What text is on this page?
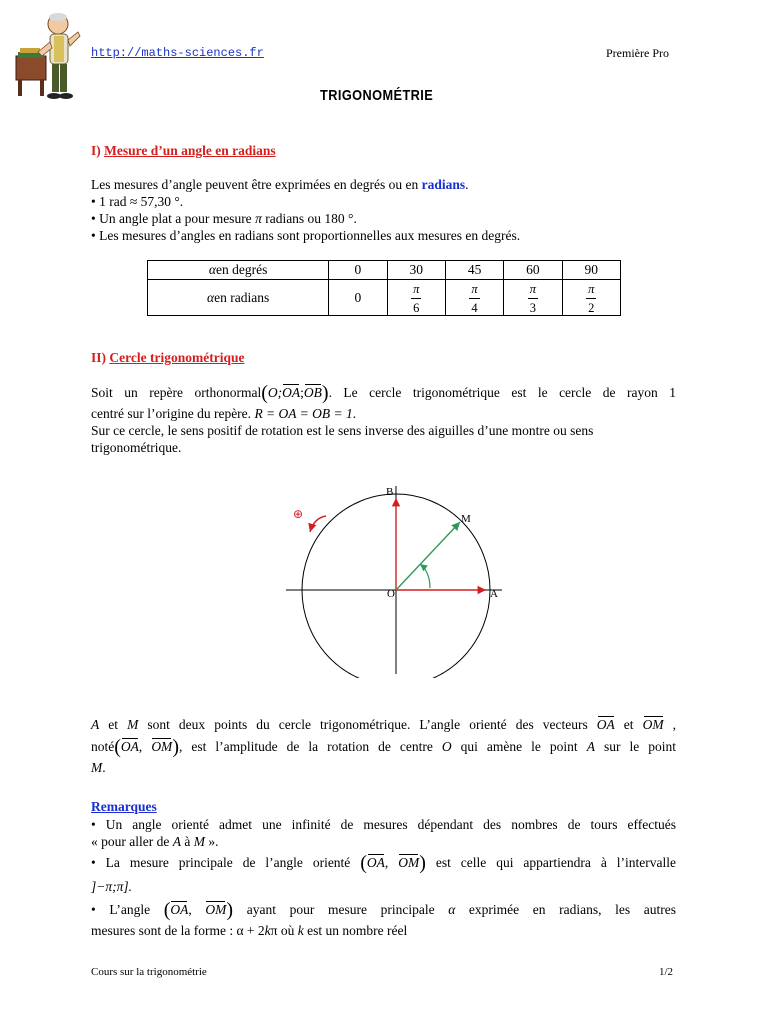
http://maths-sciences.fr	Première Pro
TRIGONOMÉTRIE
I) Mesure d’un angle en radians
Les mesures d’angle peuvent être exprimées en degrés ou en radians.
• 1 rad ≈ 57,30 °.
• Un angle plat a pour mesure π radians ou 180 °.
• Les mesures d’angles en radians sont proportionnelles aux mesures en degrés.
αen degrés	0	30	45	60	90
αen radians	0	$\frac{\pi}{6}$	$\frac{\pi}{4}$	$\frac{\pi}{3}$	$\frac{\pi}{2}$
II) Cercle trigonométrique
Soit un repère orthonormal(O;OA;OB). Le cercle trigonométrique est le cercle de rayon 1
centré sur l’origine du repère. R = OA = OB = 1.
Sur ce cercle, le sens positif de rotation est le sens inverse des aiguilles d’une montre ou sens trigonométrique.
⊕
B
M
O	A
A et M sont deux points du cercle trigonométrique. L’angle orienté des vecteurs OA et OM ,
noté(OA, OM), est l’amplitude de la rotation de centre O qui amène le point A sur le point
M.
Remarques
• Un angle orienté admet une infinité de mesures dépendant des nombres de tours effectués
« pour aller de A à M ».
• La mesure principale de l’angle orienté (OA, OM) est celle qui appartiendra à l’intervalle
]−π;π].
• L’angle (OA, OM) ayant pour mesure principale α exprimée en radians, les autres
mesures sont de la forme : α + 2kπ où k est un nombre réel
Cours sur la trigonométrie	1/2
